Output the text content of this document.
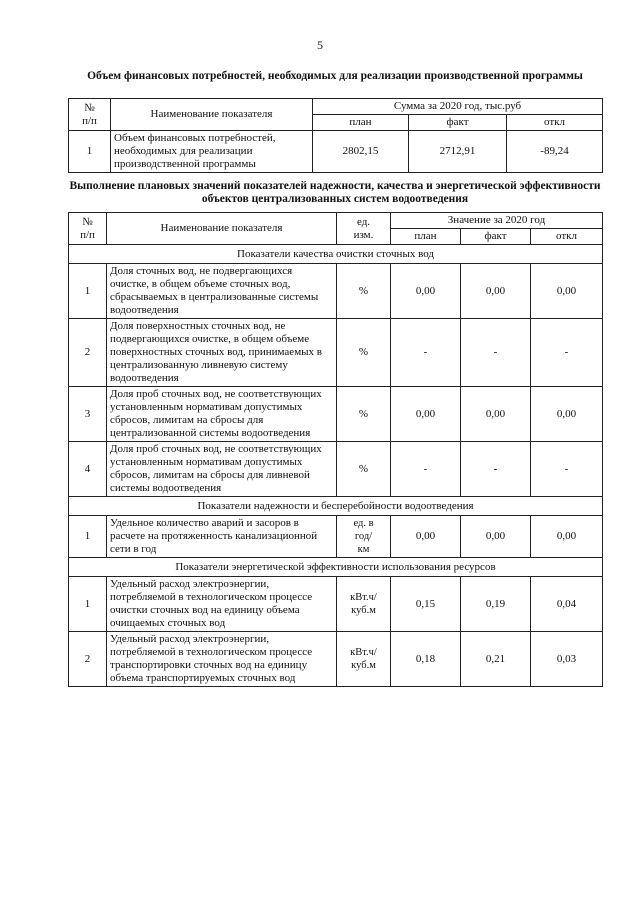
5
Объем финансовых потребностей, необходимых для реализации производственной программы
№
п/п	Наименование показателя	Сумма за 2020 год, тыс.руб		
		план	факт	откл
1	Объем финансовых потребностей, необходимых для реализации производственной программы	2802,15	2712,91	-89,24
Выполнение плановых значений показателей надежности, качества и энергетической эффективности объектов централизованных систем водоотведения
№
п/п	Наименование показателя	ед.
изм.	Значение за 2020 год		
			план	факт	откл
Показатели качества очистки сточных вод					
1	Доля сточных вод, не подвергающихся очистке, в общем объеме сточных вод, сбрасываемых в централизованные системы водоотведения	%	0,00	0,00	0,00
2	Доля поверхностных сточных вод, не подвергающихся очистке, в общем объеме поверхностных сточных вод, принимаемых в централизованную ливневую систему водоотведения	%	-	-	-
3	Доля проб сточных вод, не соответствующих установленным нормативам допустимых сбросов, лимитам на сбросы для централизованной системы водоотведения	%	0,00	0,00	0,00
4	Доля проб сточных вод, не соответствующих установленным нормативам допустимых сбросов, лимитам на сбросы для ливневой системы водоотведения	%	-	-	-
Показатели надежности и бесперебойности водоотведения					
1	Удельное количество аварий и засоров в расчете на протяженность канализационной сети в год	ед. в
год/
км	0,00	0,00	0,00
Показатели энергетической эффективности использования ресурсов					
1	Удельный расход электроэнергии, потребляемой в технологическом процессе очистки сточных вод на единицу объема очищаемых сточных вод	кВт.ч/
куб.м	0,15	0,19	0,04
2	Удельный расход электроэнергии, потребляемой в технологическом процессе транспортировки сточных вод на единицу объема транспортируемых сточных вод	кВт.ч/
куб.м	0,18	0,21	0,03
